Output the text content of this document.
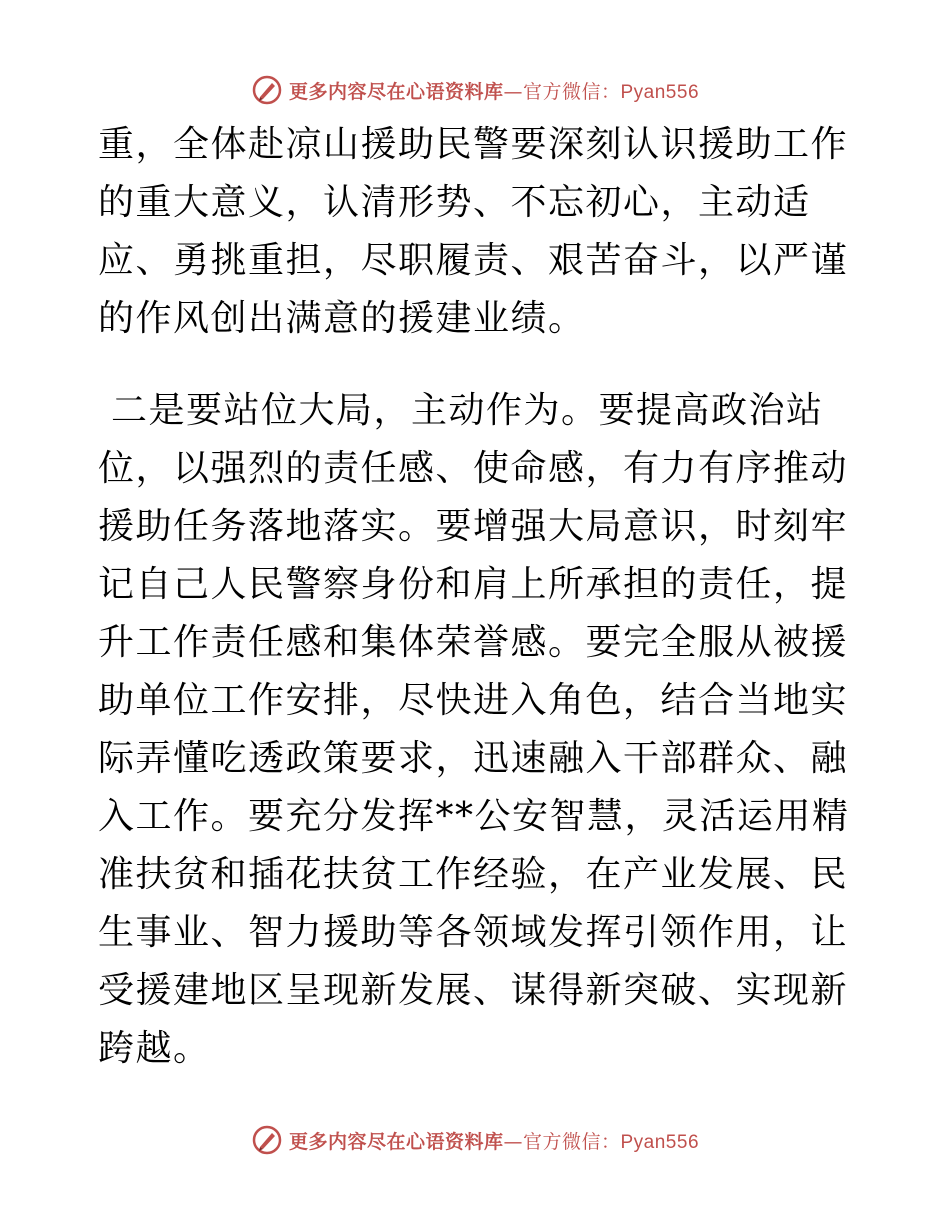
更多内容尽在心语资料库—官方微信：Pyan556

重，全体赴凉山援助民警要深刻认识援助工作的重大意义，认清形势、不忘初心，主动适应、勇挑重担，尽职履责、艰苦奋斗，以严谨的作风创出满意的援建业绩。

二是要站位大局，主动作为。要提高政治站位，以强烈的责任感、使命感，有力有序推动援助任务落地落实。要增强大局意识，时刻牢记自己人民警察身份和肩上所承担的责任，提升工作责任感和集体荣誉感。要完全服从被援助单位工作安排，尽快进入角色，结合当地实际弄懂吃透政策要求，迅速融入干部群众、融入工作。要充分发挥**公安智慧，灵活运用精准扶贫和插花扶贫工作经验，在产业发展、民生事业、智力援助等各领域发挥引领作用，让受援建地区呈现新发展、谋得新突破、实现新跨越。

更多内容尽在心语资料库—官方微信：Pyan556
